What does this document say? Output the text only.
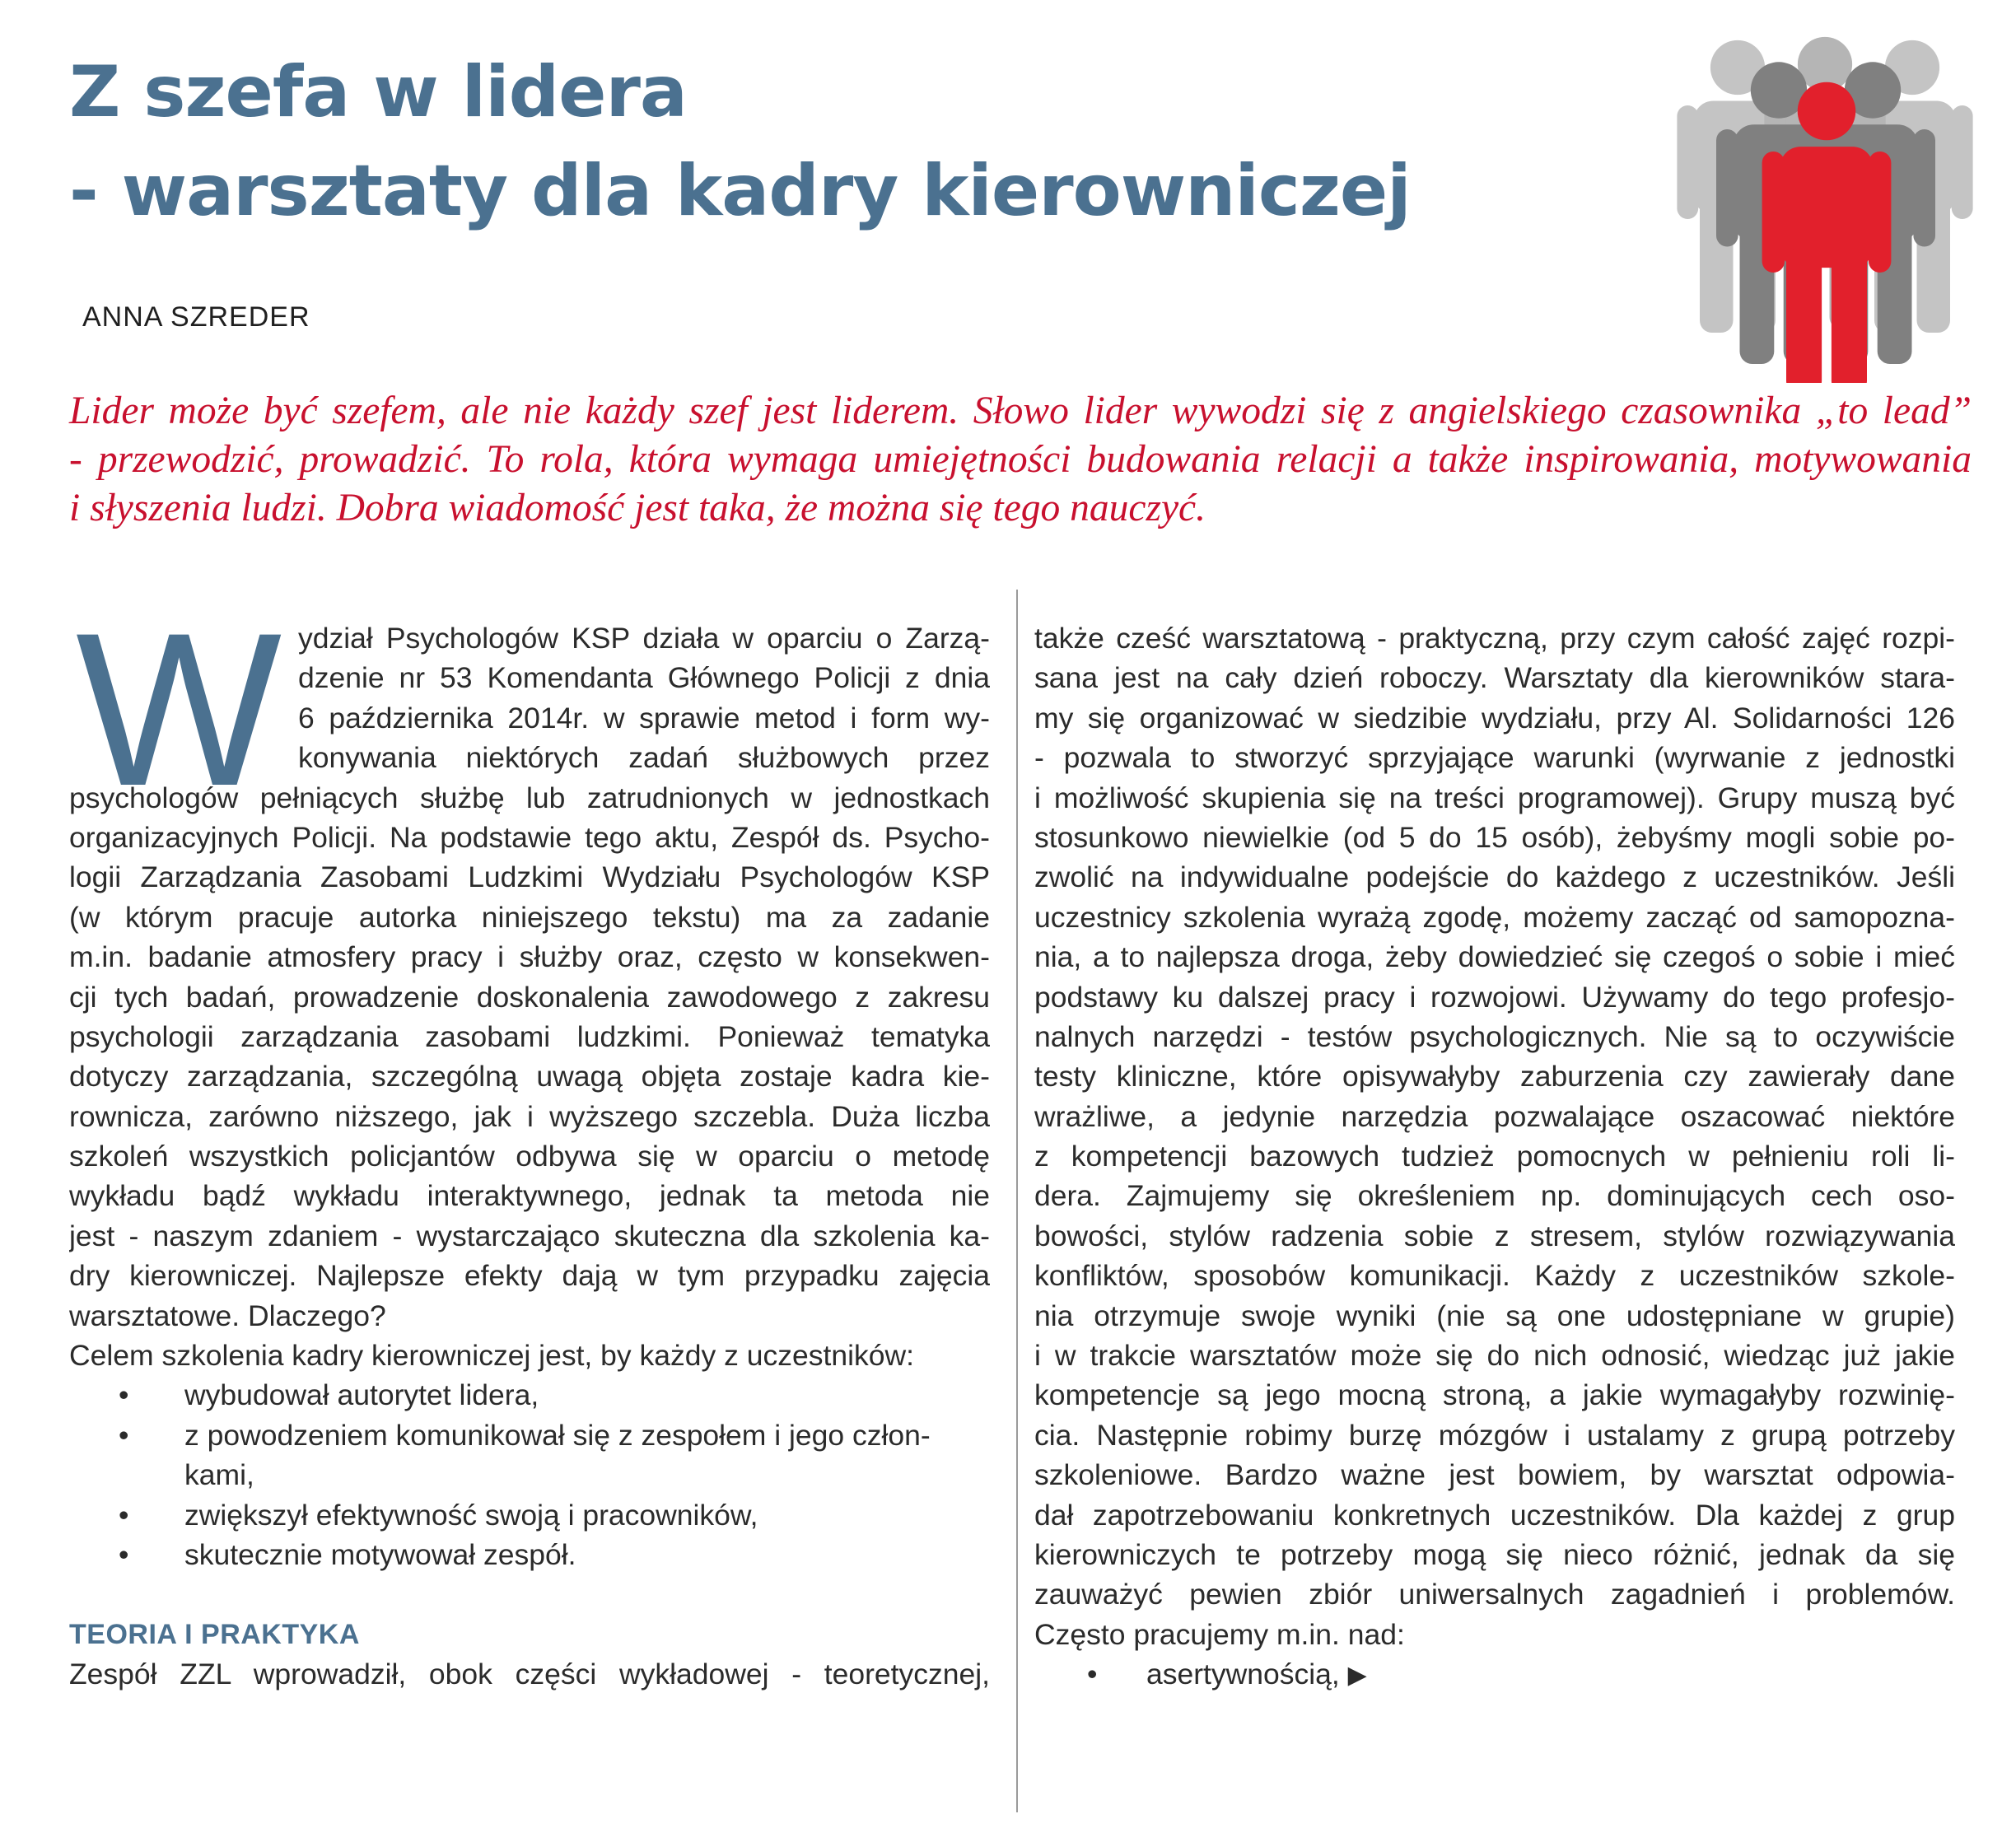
Z szefa w lidera
- warsztaty dla kadry kierowniczej
ANNA SZREDER
Lider może być szefem, ale nie każdy szef jest liderem. Słowo lider wywodzi się z angielskiego czasownika „to lead”
- przewodzić, prowadzić. To rola, która wymaga umiejętności budowania relacji a także inspirowania, motywowania
i słyszenia ludzi. Dobra wiadomość jest taka, że można się tego nauczyć.
W ydział Psychologów KSP działa w oparciu o Zarzą-
dzenie nr 53 Komendanta Głównego Policji z dnia
6 października 2014r. w sprawie metod i form wy-
konywania niektórych zadań służbowych przez
psychologów pełniących służbę lub zatrudnionych w jednostkach
organizacyjnych Policji. Na podstawie tego aktu, Zespół ds. Psycho-
logii Zarządzania Zasobami Ludzkimi Wydziału Psychologów KSP
(w którym pracuje autorka niniejszego tekstu) ma za zadanie
m.in. badanie atmosfery pracy i służby oraz, często w konsekwen-
cji tych badań, prowadzenie doskonalenia zawodowego z zakresu
psychologii zarządzania zasobami ludzkimi. Ponieważ tematyka
dotyczy zarządzania, szczególną uwagą objęta zostaje kadra kie-
rownicza, zarówno niższego, jak i wyższego szczebla. Duża liczba
szkoleń wszystkich policjantów odbywa się w oparciu o metodę
wykładu bądź wykładu interaktywnego, jednak ta metoda nie
jest - naszym zdaniem - wystarczająco skuteczna dla szkolenia ka-
dry kierowniczej. Najlepsze efekty dają w tym przypadku zajęcia
warsztatowe. Dlaczego?
Celem szkolenia kadry kierowniczej jest, by każdy z uczestników:
• wybudował autorytet lidera,
• z powodzeniem komunikował się z zespołem i jego człon-
kami,
• zwiększył efektywność swoją i pracowników,
• skutecznie motywował zespół.
TEORIA I PRAKTYKA
Zespół ZZL wprowadził, obok części wykładowej - teoretycznej,
także cześć warsztatową - praktyczną, przy czym całość zajęć rozpi-
sana jest na cały dzień roboczy. Warsztaty dla kierowników stara-
my się organizować w siedzibie wydziału, przy Al. Solidarności 126
- pozwala to stworzyć sprzyjające warunki (wyrwanie z jednostki
i możliwość skupienia się na treści programowej). Grupy muszą być
stosunkowo niewielkie (od 5 do 15 osób), żebyśmy mogli sobie po-
zwolić na indywidualne podejście do każdego z uczestników. Jeśli
uczestnicy szkolenia wyrażą zgodę, możemy zacząć od samopozna-
nia, a to najlepsza droga, żeby dowiedzieć się czegoś o sobie i mieć
podstawy ku dalszej pracy i rozwojowi. Używamy do tego profesjo-
nalnych narzędzi - testów psychologicznych. Nie są to oczywiście
testy kliniczne, które opisywałyby zaburzenia czy zawierały dane
wrażliwe, a jedynie narzędzia pozwalające oszacować niektóre
z kompetencji bazowych tudzież pomocnych w pełnieniu roli li-
dera. Zajmujemy się określeniem np. dominujących cech oso-
bowości, stylów radzenia sobie z stresem, stylów rozwiązywania
konfliktów, sposobów komunikacji. Każdy z uczestników szkole-
nia otrzymuje swoje wyniki (nie są one udostępniane w grupie)
i w trakcie warsztatów może się do nich odnosić, wiedząc już jakie
kompetencje są jego mocną stroną, a jakie wymagałyby rozwinię-
cia. Następnie robimy burzę mózgów i ustalamy z grupą potrzeby
szkoleniowe. Bardzo ważne jest bowiem, by warsztat odpowia-
dał zapotrzebowaniu konkretnych uczestników. Dla każdej z grup
kierowniczych te potrzeby mogą się nieco różnić, jednak da się
zauważyć pewien zbiór uniwersalnych zagadnień i problemów.
Często pracujemy m.in. nad:
• asertywnością, ▶
